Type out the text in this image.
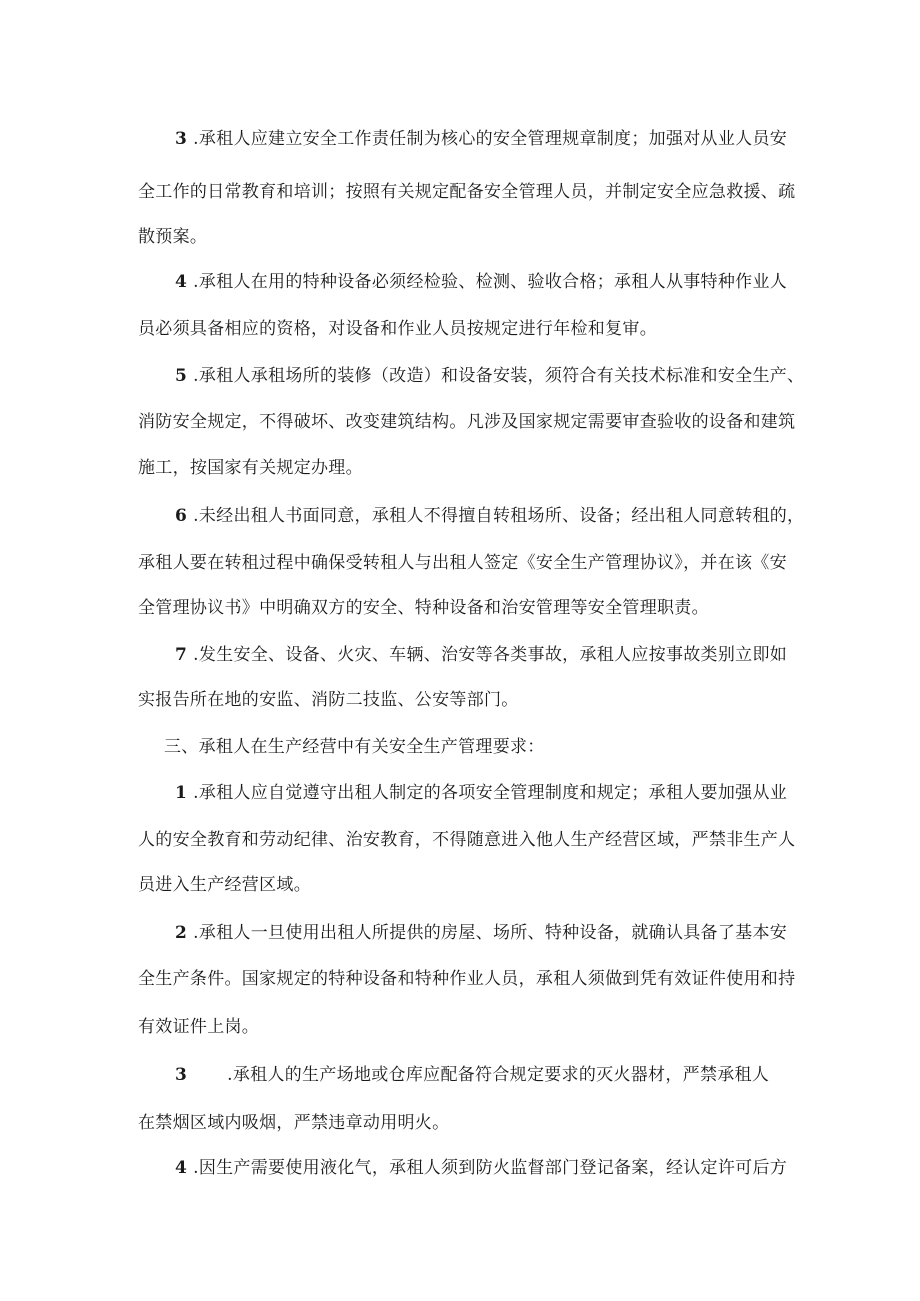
3 .承租人应建立安全工作责任制为核心的安全管理规章制度；加强对从业人员安
全工作的日常教育和培训；按照有关规定配备安全管理人员，并制定安全应急救援、疏
散预案。
4 .承租人在用的特种设备必须经检验、检测、验收合格；承租人从事特种作业人
员必须具备相应的资格，对设备和作业人员按规定进行年检和复审。
5 .承租人承租场所的装修（改造）和设备安装，须符合有关技术标准和安全生产、
消防安全规定，不得破坏、改变建筑结构。凡涉及国家规定需要审查验收的设备和建筑
施工，按国家有关规定办理。
6 .未经出租人书面同意，承租人不得擅自转租场所、设备；经出租人同意转租的，
承租人要在转租过程中确保受转租人与出租人签定《安全生产管理协议》，并在该《安
全管理协议书》中明确双方的安全、特种设备和治安管理等安全管理职责。
7 .发生安全、设备、火灾、车辆、治安等各类事故，承租人应按事故类别立即如
实报告所在地的安监、消防二技监、公安等部门。
三、承租人在生产经营中有关安全生产管理要求：
1 .承租人应自觉遵守出租人制定的各项安全管理制度和规定；承租人要加强从业
人的安全教育和劳动纪律、治安教育，不得随意进入他人生产经营区域，严禁非生产人
员进入生产经营区域。
2 .承租人一旦使用出租人所提供的房屋、场所、特种设备，就确认具备了基本安
全生产条件。国家规定的特种设备和特种作业人员，承租人须做到凭有效证件使用和持
有效证件上岗。
3 .承租人的生产场地或仓库应配备符合规定要求的灭火器材，严禁承租人
在禁烟区域内吸烟，严禁违章动用明火。
4 .因生产需要使用液化气，承租人须到防火监督部门登记备案，经认定许可后方
